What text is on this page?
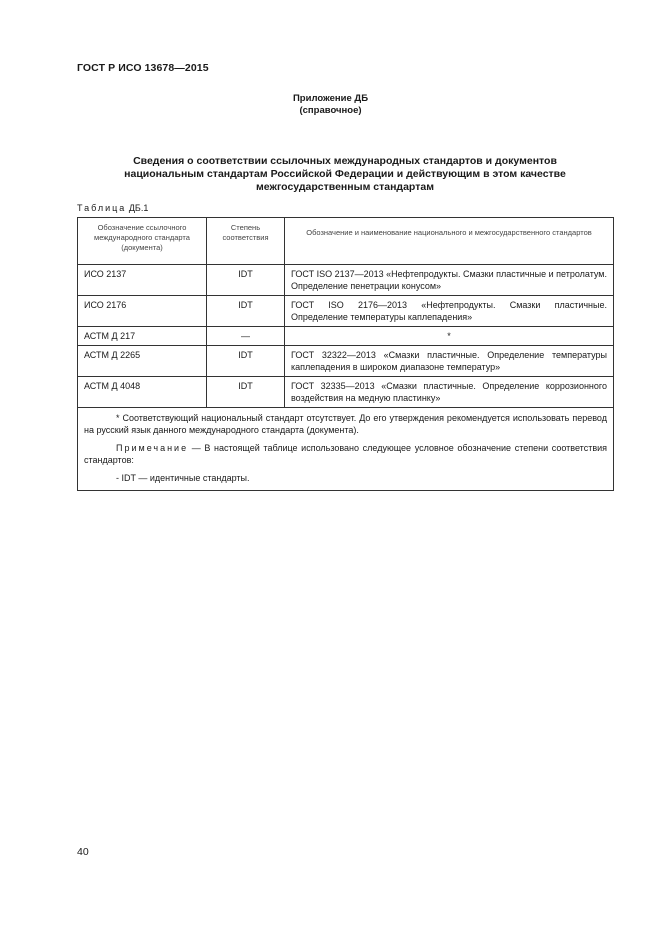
ГОСТ Р ИСО 13678—2015
Приложение ДБ
(справочное)
Сведения о соответствии ссылочных международных стандартов и документов
национальным стандартам Российской Федерации и действующим в этом качестве
межгосударственным стандартам
Таблица ДБ.1
Обозначение ссылочного международного стандарта (документа)	Степень соответствия	Обозначение и наименование национального и межгосударственного стандартов
ИСО 2137	IDT	ГОСТ ISO 2137—2013 «Нефтепродукты. Смазки пластичные и петролатум. Определение пенетрации конусом»
ИСО 2176	IDT	ГОСТ ISO 2176—2013 «Нефтепродукты. Смазки пластичные. Определение температуры каплепадения»
АСТМ Д 217	—	*
АСТМ Д 2265	IDT	ГОСТ 32322—2013 «Смазки пластичные. Определение температуры каплепадения в широком диапазоне температур»
АСТМ Д 4048	IDT	ГОСТ 32335—2013 «Смазки пластичные. Определение коррозионного воздействия на медную пластинку»

* Соответствующий национальный стандарт отсутствует. До его утверждения рекомендуется использовать перевод на русский язык данного международного стандарта (документа).

Примечание — В настоящей таблице использовано следующее условное обозначение степени соответствия стандартов:

- IDT — идентичные стандарты.		

40
